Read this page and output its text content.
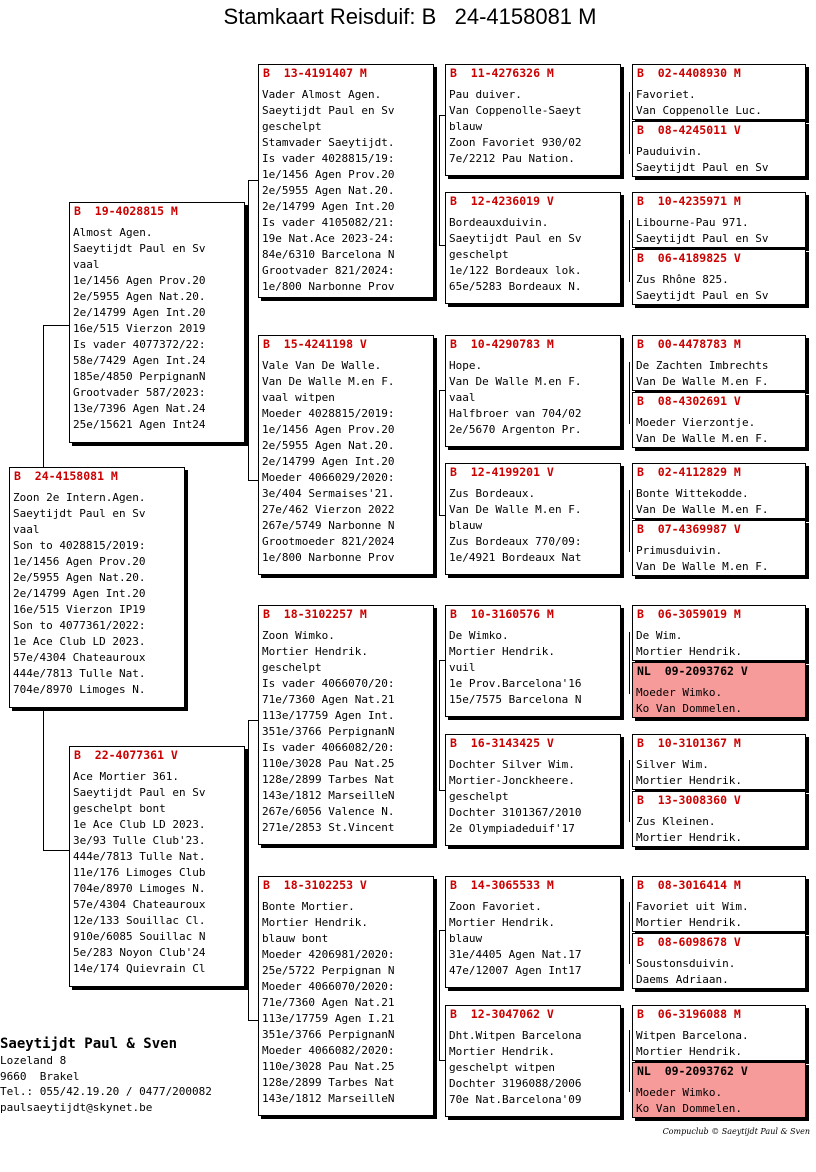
Stamkaart Reisduif: B   24-4158081 M
B  24-4158081 M
Zoon 2e Intern.Agen.
Saeytijdt Paul en Sv
vaal
Son to 4028815/2019:
1e/1456 Agen Prov.20
2e/5955 Agen Nat.20.
2e/14799 Agen Int.20
16e/515 Vierzon IP19
Son to 4077361/2022:
1e Ace Club LD 2023.
57e/4304 Chateauroux
444e/7813 Tulle Nat.
704e/8970 Limoges N.
B  19-4028815 M
Almost Agen.
Saeytijdt Paul en Sv
vaal
1e/1456 Agen Prov.20
2e/5955 Agen Nat.20.
2e/14799 Agen Int.20
16e/515 Vierzon 2019
Is vader 4077372/22:
58e/7429 Agen Int.24
185e/4850 PerpignanN
Grootvader 587/2023:
13e/7396 Agen Nat.24
25e/15621 Agen Int24
B  22-4077361 V
Ace Mortier 361.
Saeytijdt Paul en Sv
geschelpt bont
1e Ace Club LD 2023.
3e/93 Tulle Club'23.
444e/7813 Tulle Nat.
11e/176 Limoges Club
704e/8970 Limoges N.
57e/4304 Chateauroux
12e/133 Souillac Cl.
910e/6085 Souillac N
5e/283 Noyon Club'24
14e/174 Quievrain Cl
B  13-4191407 M
Vader Almost Agen.
Saeytijdt Paul en Sv
geschelpt
Stamvader Saeytijdt.
Is vader 4028815/19:
1e/1456 Agen Prov.20
2e/5955 Agen Nat.20.
2e/14799 Agen Int.20
Is vader 4105082/21:
19e Nat.Ace 2023-24:
84e/6310 Barcelona N
Grootvader 821/2024:
1e/800 Narbonne Prov
B  15-4241198 V
Vale Van De Walle.
Van De Walle M.en F.
vaal witpen
Moeder 4028815/2019:
1e/1456 Agen Prov.20
2e/5955 Agen Nat.20.
2e/14799 Agen Int.20
Moeder 4066029/2020:
3e/404 Sermaises'21.
27e/462 Vierzon 2022
267e/5749 Narbonne N
Grootmoeder 821/2024
1e/800 Narbonne Prov
B  18-3102257 M
Zoon Wimko.
Mortier Hendrik.
geschelpt
Is vader 4066070/20:
71e/7360 Agen Nat.21
113e/17759 Agen Int.
351e/3766 PerpignanN
Is vader 4066082/20:
110e/3028 Pau Nat.25
128e/2899 Tarbes Nat
143e/1812 MarseilleN
267e/6056 Valence N.
271e/2853 St.Vincent
B  18-3102253 V
Bonte Mortier.
Mortier Hendrik.
blauw bont
Moeder 4206981/2020:
25e/5722 Perpignan N
Moeder 4066070/2020:
71e/7360 Agen Nat.21
113e/17759 Agen I.21
351e/3766 PerpignanN
Moeder 4066082/2020:
110e/3028 Pau Nat.25
128e/2899 Tarbes Nat
143e/1812 MarseilleN
B  11-4276326 M
Pau duiver.
Van Coppenolle-Saeyt
blauw
Zoon Favoriet 930/02
7e/2212 Pau Nation.
B  12-4236019 V
Bordeauxduivin.
Saeytijdt Paul en Sv
geschelpt
1e/122 Bordeaux lok.
65e/5283 Bordeaux N.
B  10-4290783 M
Hope.
Van De Walle M.en F.
vaal
Halfbroer van 704/02
2e/5670 Argenton Pr.
B  12-4199201 V
Zus Bordeaux.
Van De Walle M.en F.
blauw
Zus Bordeaux 770/09:
1e/4921 Bordeaux Nat
B  10-3160576 M
De Wimko.
Mortier Hendrik.
vuil
1e Prov.Barcelona'16
15e/7575 Barcelona N
B  16-3143425 V
Dochter Silver Wim.
Mortier-Jonckheere.
geschelpt
Dochter 3101367/2010
2e Olympiadeduif'17
B  14-3065533 M
Zoon Favoriet.
Mortier Hendrik.
blauw
31e/4405 Agen Nat.17
47e/12007 Agen Int17
B  12-3047062 V
Dht.Witpen Barcelona
Mortier Hendrik.
geschelpt witpen
Dochter 3196088/2006
70e Nat.Barcelona'09
B  02-4408930 M
Favoriet.
Van Coppenolle Luc.
B  08-4245011 V
Pauduivin.
Saeytijdt Paul en Sv
B  10-4235971 M
Libourne-Pau 971.
Saeytijdt Paul en Sv
B  06-4189825 V
Zus Rhône 825.
Saeytijdt Paul en Sv
B  00-4478783 M
De Zachten Imbrechts
Van De Walle M.en F.
B  08-4302691 V
Moeder Vierzontje.
Van De Walle M.en F.
B  02-4112829 M
Bonte Wittekodde.
Van De Walle M.en F.
B  07-4369987 V
Primusduivin.
Van De Walle M.en F.
B  06-3059019 M
De Wim.
Mortier Hendrik.
NL  09-2093762 V
Moeder Wimko.
Ko Van Dommelen.
B  10-3101367 M
Silver Wim.
Mortier Hendrik.
B  13-3008360 V
Zus Kleinen.
Mortier Hendrik.
B  08-3016414 M
Favoriet uit Wim.
Mortier Hendrik.
B  08-6098678 V
Soustonsduivin.
Daems Adriaan.
B  06-3196088 M
Witpen Barcelona.
Mortier Hendrik.
NL  09-2093762 V
Moeder Wimko.
Ko Van Dommelen.
Saeytijdt Paul & Sven
Lozeland 8
9660  Brakel
Tel.: 055/42.19.20 / 0477/200082
paulsaeytijdt@skynet.be
Compuclub © Saeytijdt Paul & Sven
